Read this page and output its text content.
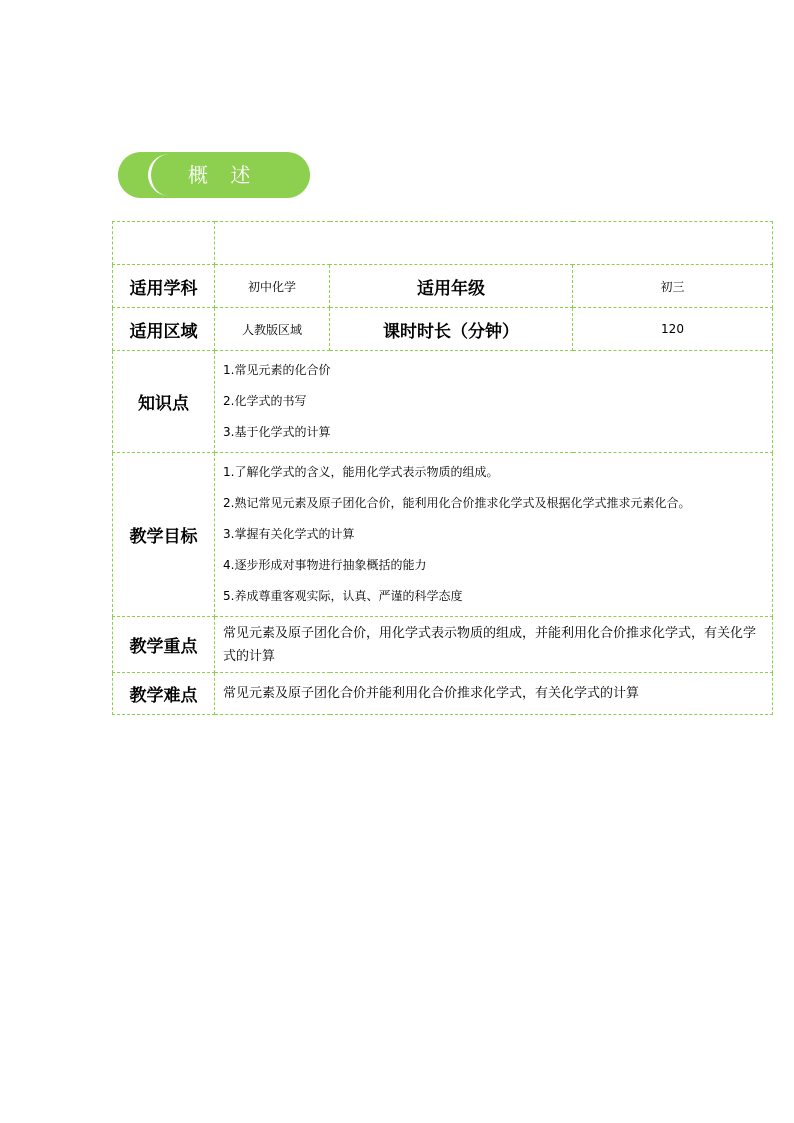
概 述

适用学科	初中化学	适用年级	初三
适用区域	人教版区域	课时时长（分钟）	120
知识点	1.常见元素的化合价
2.化学式的书写
3.基于化学式的计算		

教学目标	1.了解化学式的含义，能用化学式表示物质的组成。
2.熟记常见元素及原子团化合价，能利用化合价推求化学式及根据化学式推求元素化合。
3.掌握有关化学式的计算
4.逐步形成对事物进行抽象概括的能力
5.养成尊重客观实际，认真、严谨的科学态度		

教学重点	常见元素及原子团化合价，用化学式表示物质的组成，并能利用化合价推求化学式，有关化学式的计算		
教学难点	常见元素及原子团化合价并能利用化合价推求化学式，有关化学式的计算		
